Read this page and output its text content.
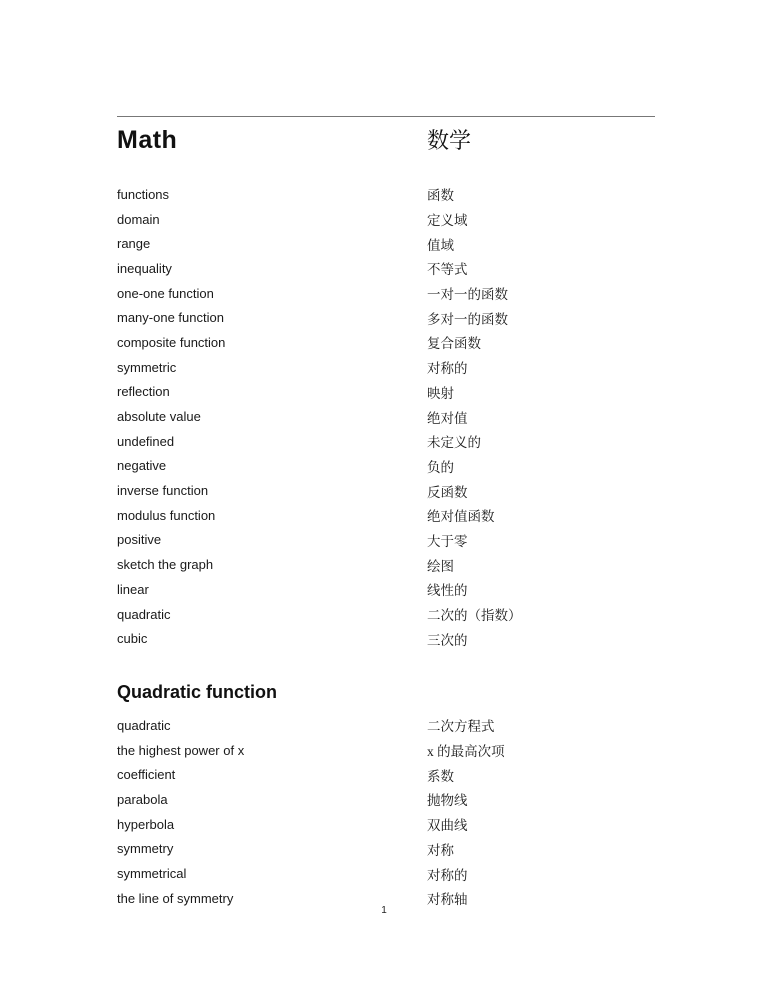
Math	数学
functions	函数
domain	定义域
range	值域
inequality	不等式
one-one function	一对一的函数
many-one function	多对一的函数
composite function	复合函数
symmetric	对称的
reflection	映射
absolute value	绝对值
undefined	未定义的
negative	负的
inverse function	反函数
modulus function	绝对值函数
positive	大于零
sketch the graph	绘图
linear	线性的
quadratic	二次的（指数）
cubic	三次的
Quadratic function
quadratic	二次方程式
the highest power of x	x 的最高次项
coefficient	系数
parabola	抛物线
hyperbola	双曲线
symmetry	对称
symmetrical	对称的
the line of symmetry	对称轴
1
